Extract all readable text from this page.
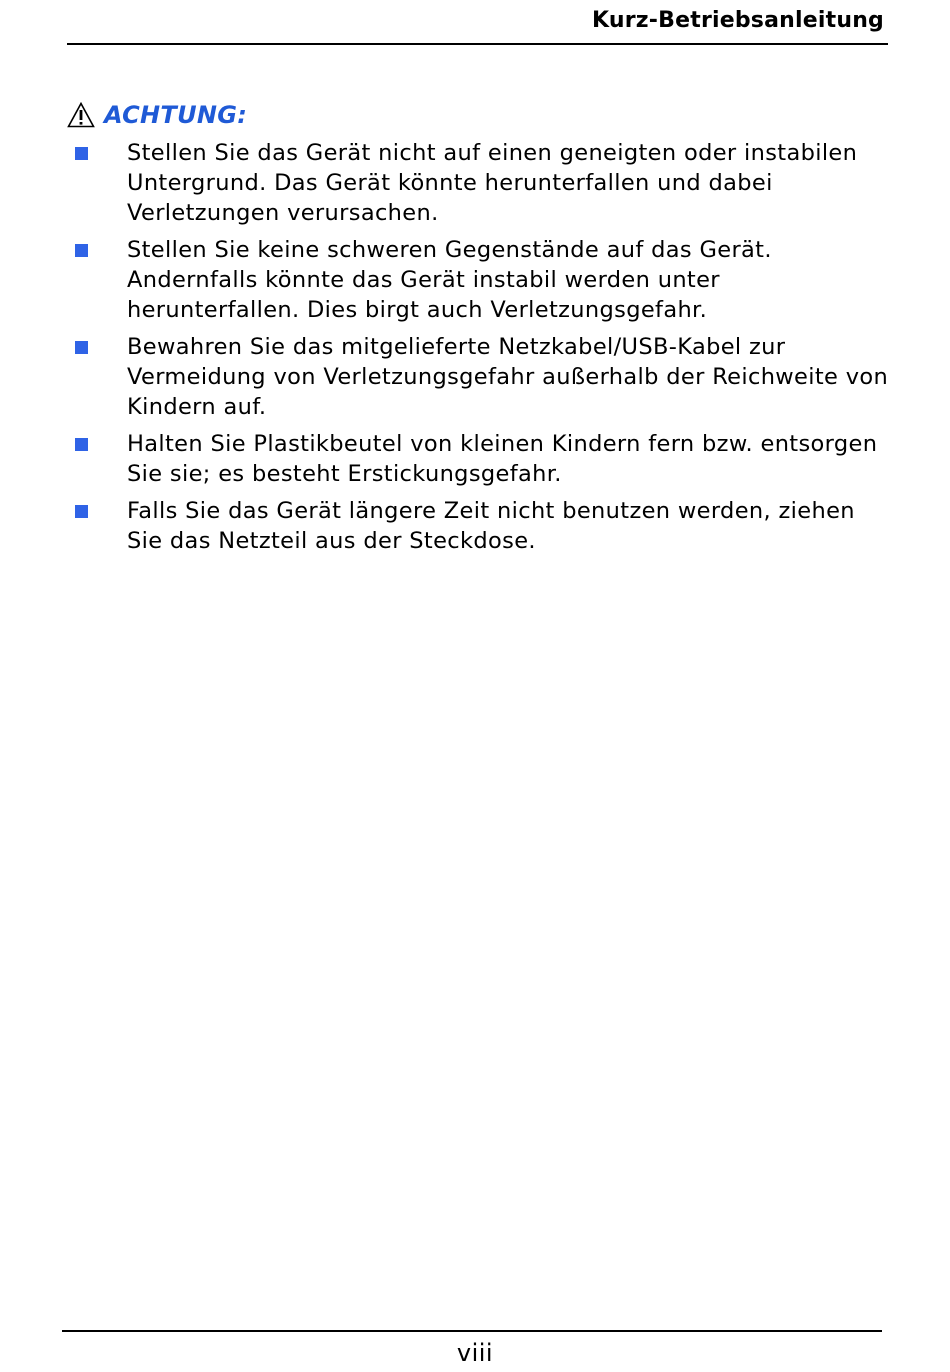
Kurz-Betriebsanleitung
ACHTUNG:
Stellen Sie das Gerät nicht auf einen geneigten oder instabilen Untergrund. Das Gerät könnte herunterfallen und dabei Verletzungen verursachen.
Stellen Sie keine schweren Gegenstände auf das Gerät. Andernfalls könnte das Gerät instabil werden unter herunterfallen. Dies birgt auch Verletzungsgefahr.
Bewahren Sie das mitgelieferte Netzkabel/USB-Kabel zur Vermeidung von Verletzungsgefahr außerhalb der Reichweite von Kindern auf.
Halten Sie Plastikbeutel von kleinen Kindern fern bzw. entsorgen Sie sie; es besteht Erstickungsgefahr.
Falls Sie das Gerät längere Zeit nicht benutzen werden, ziehen Sie das Netzteil aus der Steckdose.
viii
